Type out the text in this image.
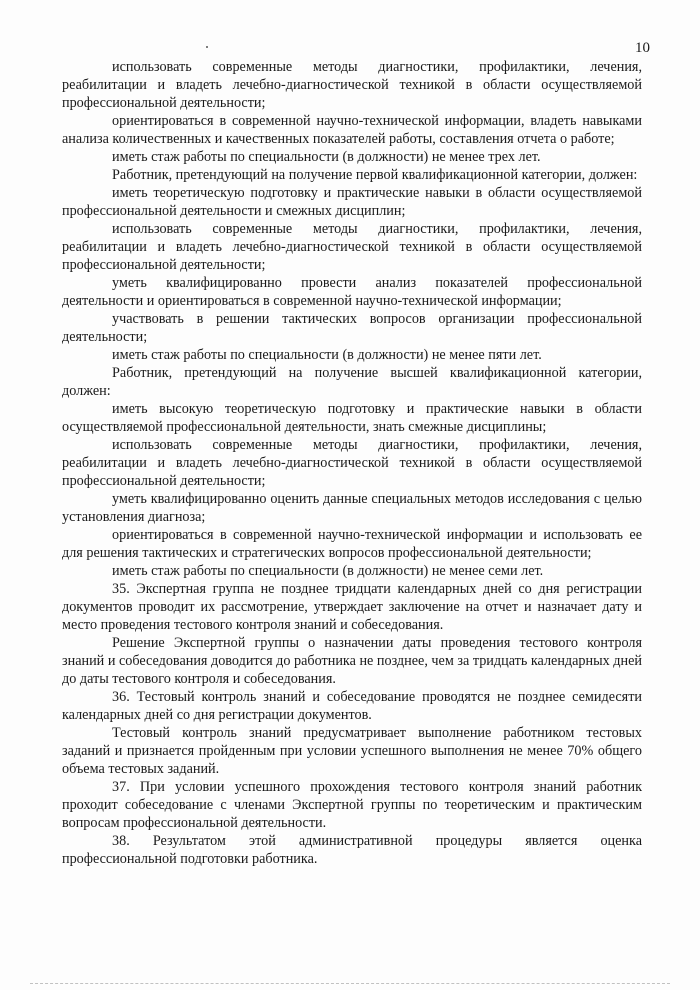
10

использовать современные методы диагностики, профилактики, лечения, реабилитации и владеть лечебно-диагностической техникой в области осуществляемой профессиональной деятельности;

ориентироваться в современной научно-технической информации, владеть навыками анализа количественных и качественных показателей работы, составления отчета о работе;

иметь стаж работы по специальности (в должности) не менее трех лет.

Работник, претендующий на получение первой квалификационной категории, должен:

иметь теоретическую подготовку и практические навыки в области осуществляемой профессиональной деятельности и смежных дисциплин;

использовать современные методы диагностики, профилактики, лечения, реабилитации и владеть лечебно-диагностической техникой в области осуществляемой профессиональной деятельности;

уметь квалифицированно провести анализ показателей профессиональной деятельности и ориентироваться в современной научно-технической информации;

участвовать в решении тактических вопросов организации профессиональной деятельности;

иметь стаж работы по специальности (в должности) не менее пяти лет.

Работник, претендующий на получение высшей квалификационной категории, должен:

иметь высокую теоретическую подготовку и практические навыки в области осуществляемой профессиональной деятельности, знать смежные дисциплины;

использовать современные методы диагностики, профилактики, лечения, реабилитации и владеть лечебно-диагностической техникой в области осуществляемой профессиональной деятельности;

уметь квалифицированно оценить данные специальных методов исследования с целью установления диагноза;

ориентироваться в современной научно-технической информации и использовать ее для решения тактических и стратегических вопросов профессиональной деятельности;

иметь стаж работы по специальности (в должности) не менее семи лет.

35. Экспертная группа не позднее тридцати календарных дней со дня регистрации документов проводит их рассмотрение, утверждает заключение на отчет и назначает дату и место проведения тестового контроля знаний и собеседования.

Решение Экспертной группы о назначении даты проведения тестового контроля знаний и собеседования доводится до работника не позднее, чем за тридцать календарных дней до даты тестового контроля и собеседования.

36. Тестовый контроль знаний и собеседование проводятся не позднее семидесяти календарных дней со дня регистрации документов.

Тестовый контроль знаний предусматривает выполнение работником тестовых заданий и признается пройденным при условии успешного выполнения не менее 70% общего объема тестовых заданий.

37. При условии успешного прохождения тестового контроля знаний работник проходит собеседование с членами Экспертной группы по теоретическим и практическим вопросам профессиональной деятельности.

38. Результатом этой административной процедуры является оценка профессиональной подготовки работника.
